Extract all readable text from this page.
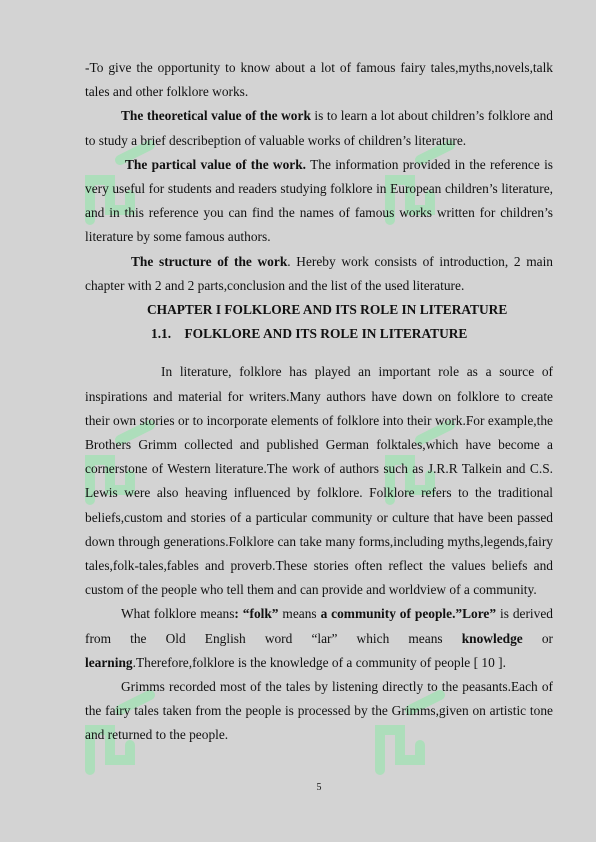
-To give the opportunity to know about a lot of famous fairy tales,myths,novels,talk tales and other folklore works.

The theoretical value of the work is to learn a lot about children’s folklore and to study a brief describeption of valuable works of children’s literature.

The partical value of the work. The information provided in the reference is very useful for students and readers studying folklore in European children’s literature, and in this reference you can find the names of famous works written for children’s literature by some famous authors.

The structure of the work. Hereby work consists of introduction, 2 main chapter with 2 and 2 parts,conclusion and the list of the used literature.

CHAPTER I FOLKLORE AND ITS ROLE IN LITERATURE
1.1.    FOLKLORE AND ITS ROLE IN LITERATURE

In literature, folklore has played an important role as a source of inspirations and material for writers.Many authors have down on folklore to create their own stories or to incorporate elements of folklore into their work.For example,the Brothers Grimm collected and published German folktales,which have become a cornerstone of Western literature.The work of authors such as J.R.R Talkein and C.S. Lewis were also heaving influenced by folklore. Folklore refers to the traditional beliefs,custom and stories of a particular community or culture that have been passed down through generations.Folklore can take many forms,including myths,legends,fairy tales,folk-tales,fables and proverb.These stories often reflect the values beliefs and custom of the people who tell them and can provide and worldview of a community.

What folklore means: “folk” means a community of people.”Lore” is derived from the Old English word “lar” which means knowledge or learning.Therefore,folklore is the knowledge of a community of people [ 10 ].

Grimms recorded most of the tales by listening directly to the peasants.Each of the fairy tales taken from the people is processed by the Grimms,given on artistic tone and returned to the people.

5
